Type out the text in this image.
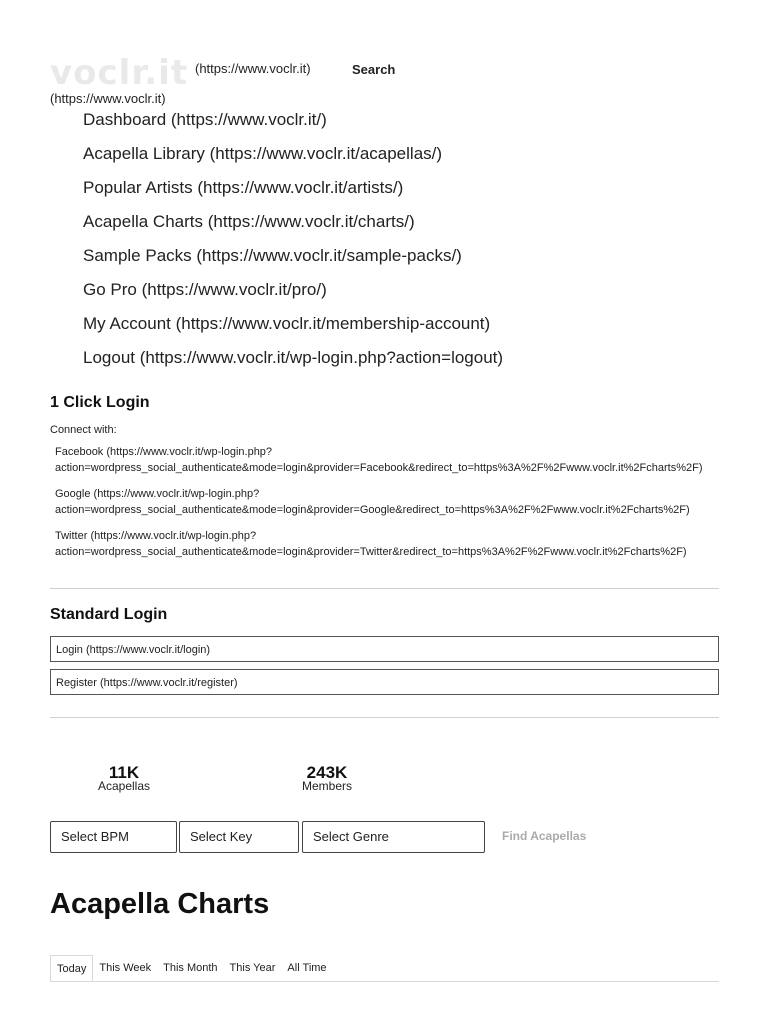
voclr.it (https://www.voclr.it)	Search
(https://www.voclr.it)
Dashboard (https://www.voclr.it/)
Acapella Library (https://www.voclr.it/acapellas/)
Popular Artists (https://www.voclr.it/artists/)
Acapella Charts (https://www.voclr.it/charts/)
Sample Packs (https://www.voclr.it/sample-packs/)
Go Pro (https://www.voclr.it/pro/)
My Account (https://www.voclr.it/membership-account)
Logout (https://www.voclr.it/wp-login.php?action=logout)
1 Click Login
Connect with:
Facebook (https://www.voclr.it/wp-login.php?
action=wordpress_social_authenticate&mode=login&provider=Facebook&redirect_to=https%3A%2F%2Fwww.voclr.it%2Fcharts%2F)
Google (https://www.voclr.it/wp-login.php?
action=wordpress_social_authenticate&mode=login&provider=Google&redirect_to=https%3A%2F%2Fwww.voclr.it%2Fcharts%2F)
Twitter (https://www.voclr.it/wp-login.php?
action=wordpress_social_authenticate&mode=login&provider=Twitter&redirect_to=https%3A%2F%2Fwww.voclr.it%2Fcharts%2F)
Standard Login
Login (https://www.voclr.it/login)
Register (https://www.voclr.it/register)
11K
Acapellas
243K
Members
Select BPM	Select Key	Select Genre	Find Acapellas
Acapella Charts
Today	This Week	This Month	This Year	All Time
